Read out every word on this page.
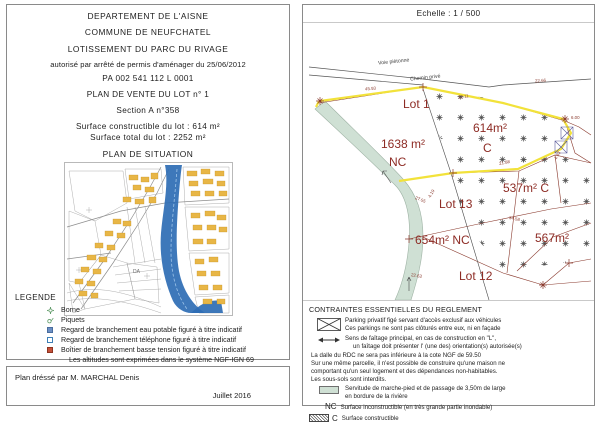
DEPARTEMENT DE L'AISNE
COMMUNE DE NEUFCHATEL
LOTISSEMENT DU PARC DU RIVAGE
autorisé par arrêté de permis d'aménager du 25/06/2012
PA 002 541 112 L 0001
PLAN DE VENTE DU LOT n° 1
Section A n°358
Surface constructible du lot : 614 m²
Surface total du lot : 2252 m²
PLAN DE SITUATION
DA
LEGENDE
Borne
Piquets
Regard de branchement eau potable figuré à titre indicatif
Regard de branchement téléphone figuré à titre indicatif
Boîtier de branchement basse tension figuré à titre indicatif
Les altitudes sont exprimées dans le système NGF-IGN 69
Plan dréssé par M. MARCHAL Denis
Juillet 2016
Echelle : 1 / 500
Voie piétonne
Chemin privé
45.93
32.11
22.66
21.88
27.55
6.00
4.93
34.58
4.19
22.63
Lot 1
1638 m²
NC
614m²
C
537m² C
567m²
Lot 13
654m² NC
Lot 12
CONTRAINTES ESSENTIELLES DU REGLEMENT
Parking privatif figé servant d'accès exclusif aux véhicules
Ces parkings ne sont pas clôturés entre eux, ni en façade
Sens de faîtage principal, en cas de construction en "L",
un faîtage doit présenter l' (une des) orientation(s) autorisée(s)
La dalle du RDC ne sera pas inférieure à la cote NGF de 59.50
Sur une même parcelle, il n'est possible de construire qu'une maison ne
comportant qu'un seul logement et des dépendances non-habitables.
Les sous-sols sont interdits.
Servitude de marche-pied et de passage de 3,50m de large
en bordure de la rivière
NC Surface inconstructible (en très grande partie inondable)
C Surface constructible
